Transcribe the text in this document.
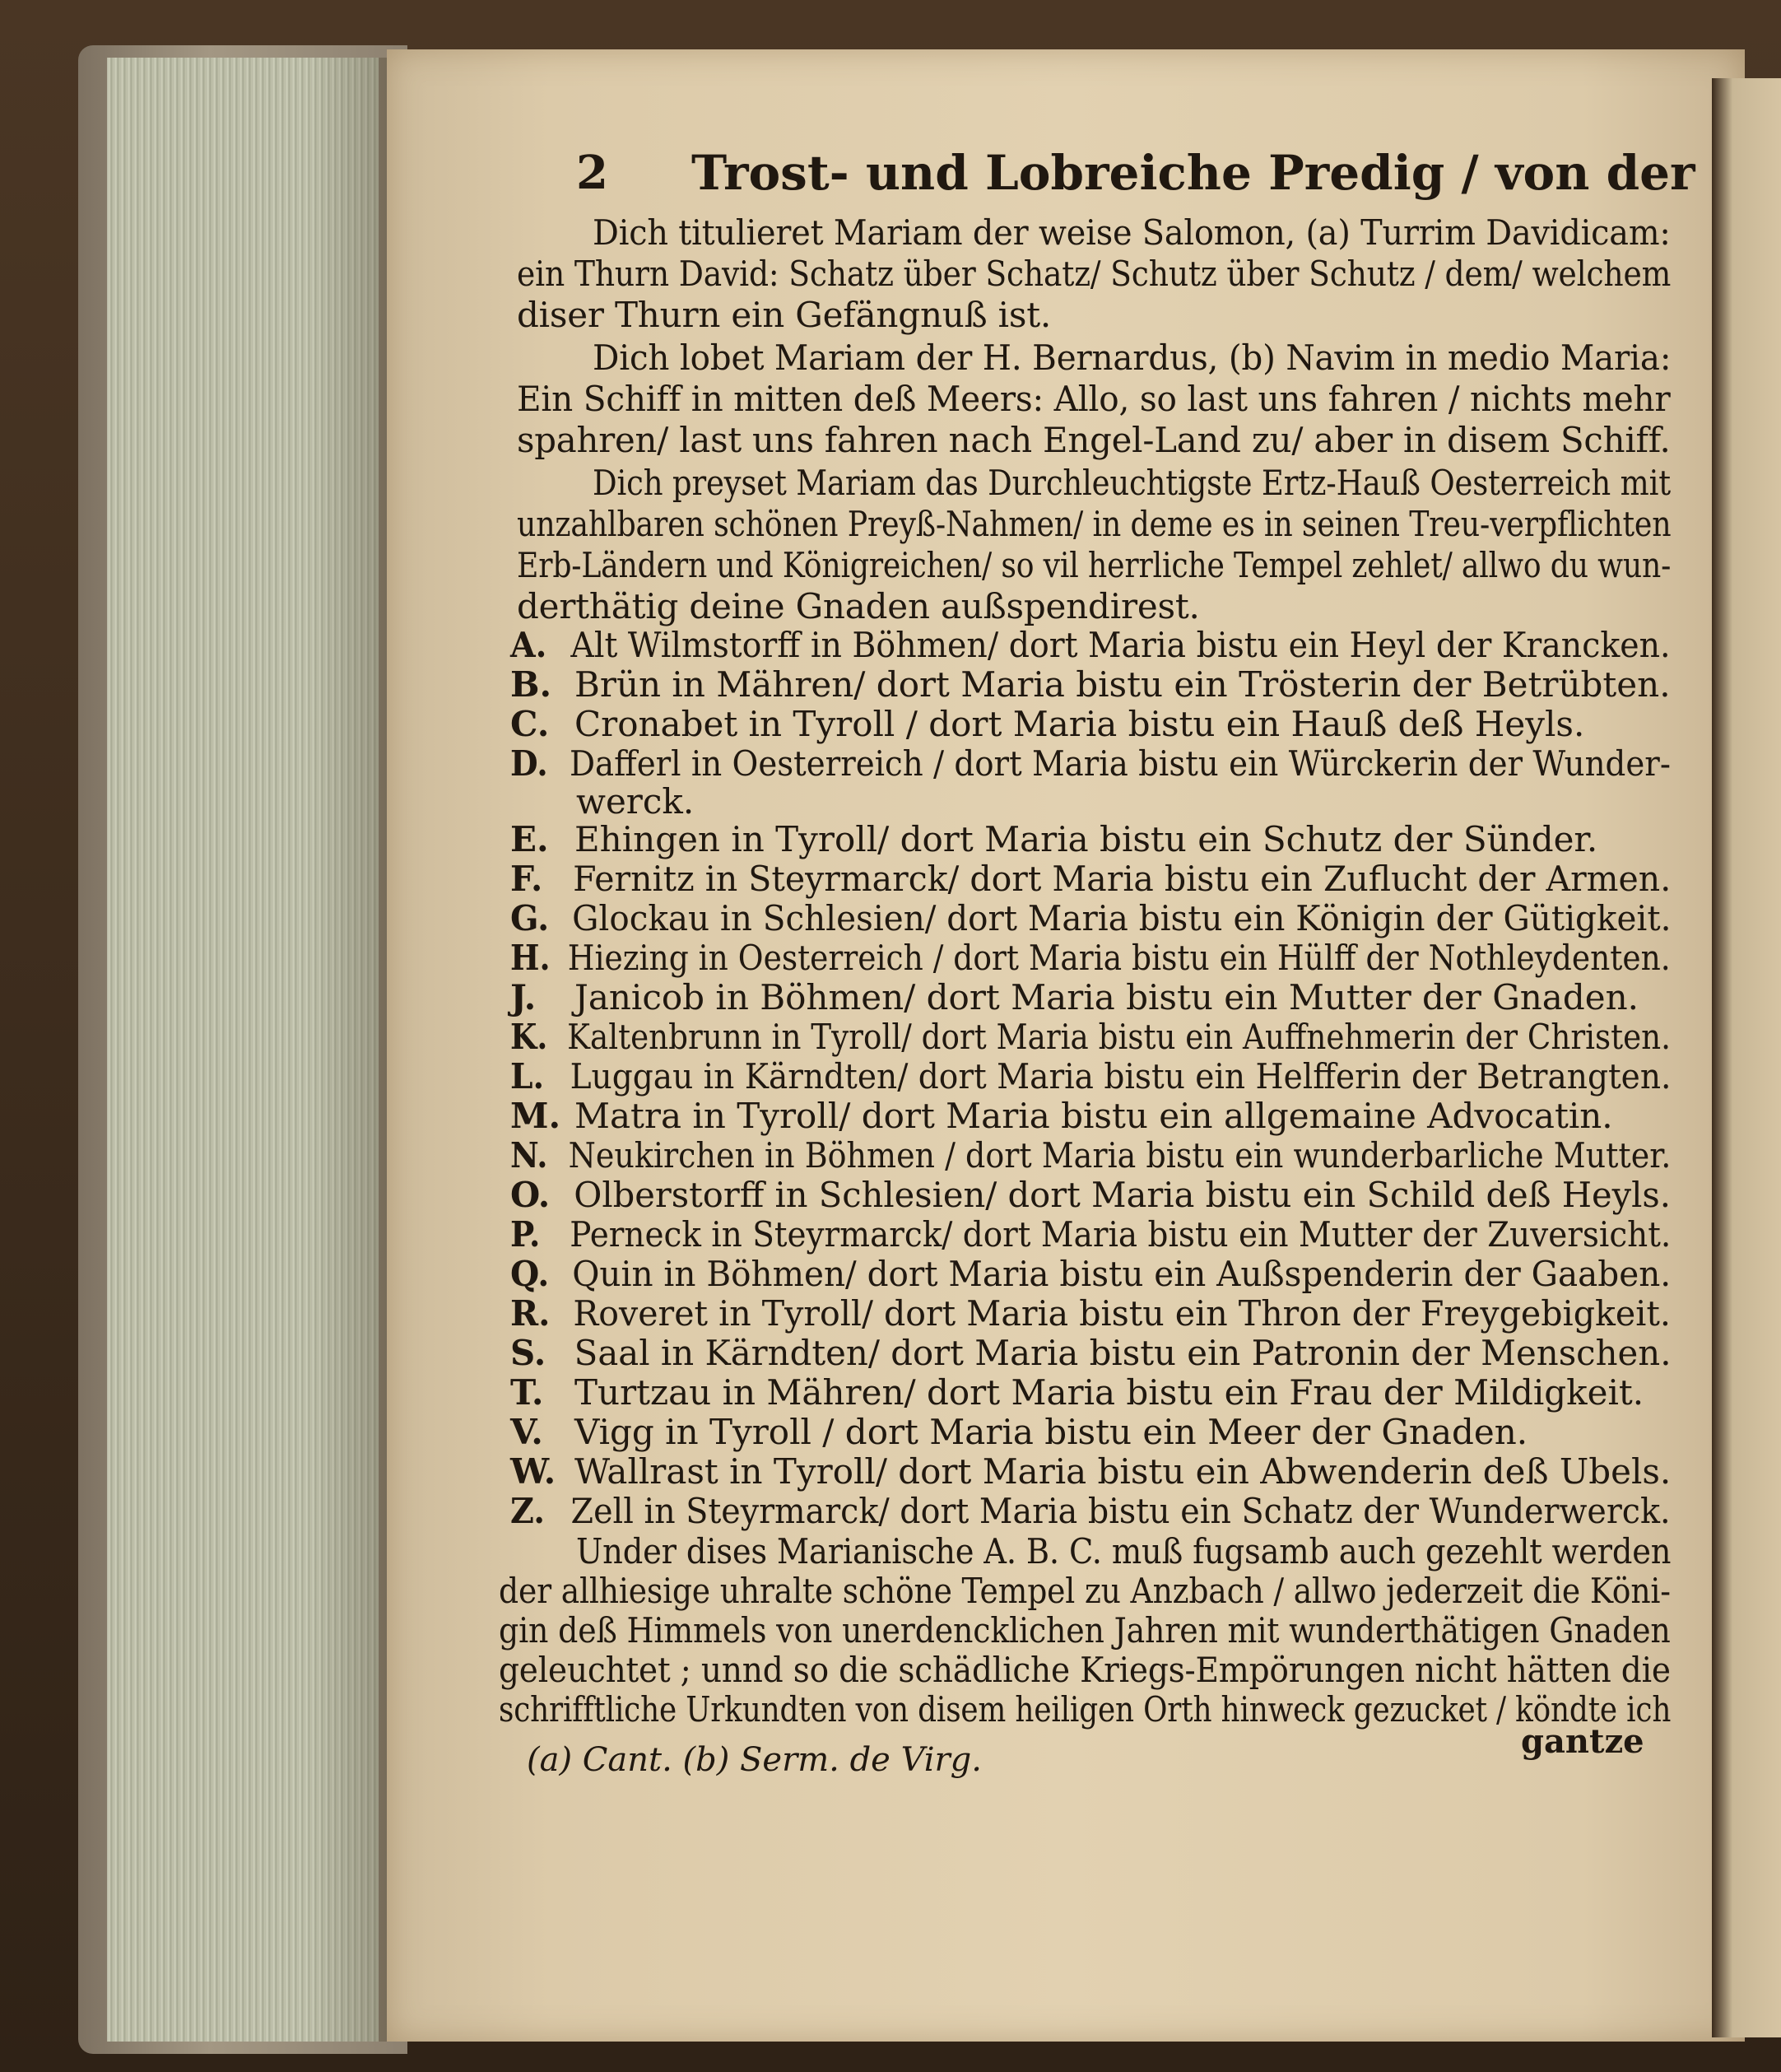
2 Trost- und Lobreiche Predig / von der
Dich titulieret Mariam der weise Salomon, (a) Turrim Davidicam:
ein Thurn David: Schatz über Schatz/ Schutz über Schutz / dem/ welchem
diser Thurn ein Gefängnuß ist.
Dich lobet Mariam der H. Bernardus, (b) Navim in medio Maria:
Ein Schiff in mitten deß Meers: Allo, so last uns fahren / nichts mehr
spahren/ last uns fahren nach Engel-Land zu/ aber in disem Schiff.
Dich preyset Mariam das Durchleuchtigste Ertz-Hauß Oesterreich mit
unzahlbaren schönen Preyß-Nahmen/ in deme es in seinen Treu-verpflichten
Erb-Ländern und Königreichen/ so vil herrliche Tempel zehlet/ allwo du wun-
derthätig deine Gnaden außspendirest.
A. Alt Wilmstorff in Böhmen/ dort Maria bistu ein Heyl der Krancken.
B. Brün in Mähren/ dort Maria bistu ein Trösterin der Betrübten.
C. Cronabet in Tyroll / dort Maria bistu ein Hauß deß Heyls.
D. Dafferl in Oesterreich / dort Maria bistu ein Würckerin der Wunder-
werck.
E. Ehingen in Tyroll/ dort Maria bistu ein Schutz der Sünder.
F. Fernitz in Steyrmarck/ dort Maria bistu ein Zuflucht der Armen.
G. Glockau in Schlesien/ dort Maria bistu ein Königin der Gütigkeit.
H. Hiezing in Oesterreich / dort Maria bistu ein Hülff der Nothleydenten.
J. Janicob in Böhmen/ dort Maria bistu ein Mutter der Gnaden.
K. Kaltenbrunn in Tyroll/ dort Maria bistu ein Auffnehmerin der Christen.
L. Luggau in Kärndten/ dort Maria bistu ein Helfferin der Betrangten.
M. Matra in Tyroll/ dort Maria bistu ein allgemaine Advocatin.
N. Neukirchen in Böhmen / dort Maria bistu ein wunderbarliche Mutter.
O. Olberstorff in Schlesien/ dort Maria bistu ein Schild deß Heyls.
P. Perneck in Steyrmarck/ dort Maria bistu ein Mutter der Zuversicht.
Q. Quin in Böhmen/ dort Maria bistu ein Außspenderin der Gaaben.
R. Roveret in Tyroll/ dort Maria bistu ein Thron der Freygebigkeit.
S. Saal in Kärndten/ dort Maria bistu ein Patronin der Menschen.
T. Turtzau in Mähren/ dort Maria bistu ein Frau der Mildigkeit.
V. Vigg in Tyroll / dort Maria bistu ein Meer der Gnaden.
W. Wallrast in Tyroll/ dort Maria bistu ein Abwenderin deß Ubels.
Z. Zell in Steyrmarck/ dort Maria bistu ein Schatz der Wunderwerck.
Under dises Marianische A. B. C. muß fugsamb auch gezehlt werden
der allhiesige uhralte schöne Tempel zu Anzbach / allwo jederzeit die Köni-
gin deß Himmels von unerdencklichen Jahren mit wunderthätigen Gnaden
geleuchtet ; unnd so die schädliche Kriegs-Empörungen nicht hätten die
schrifftliche Urkundten von disem heiligen Orth hinweck gezucket / köndte ich
gantze
(a) Cant. (b) Serm. de Virg.
